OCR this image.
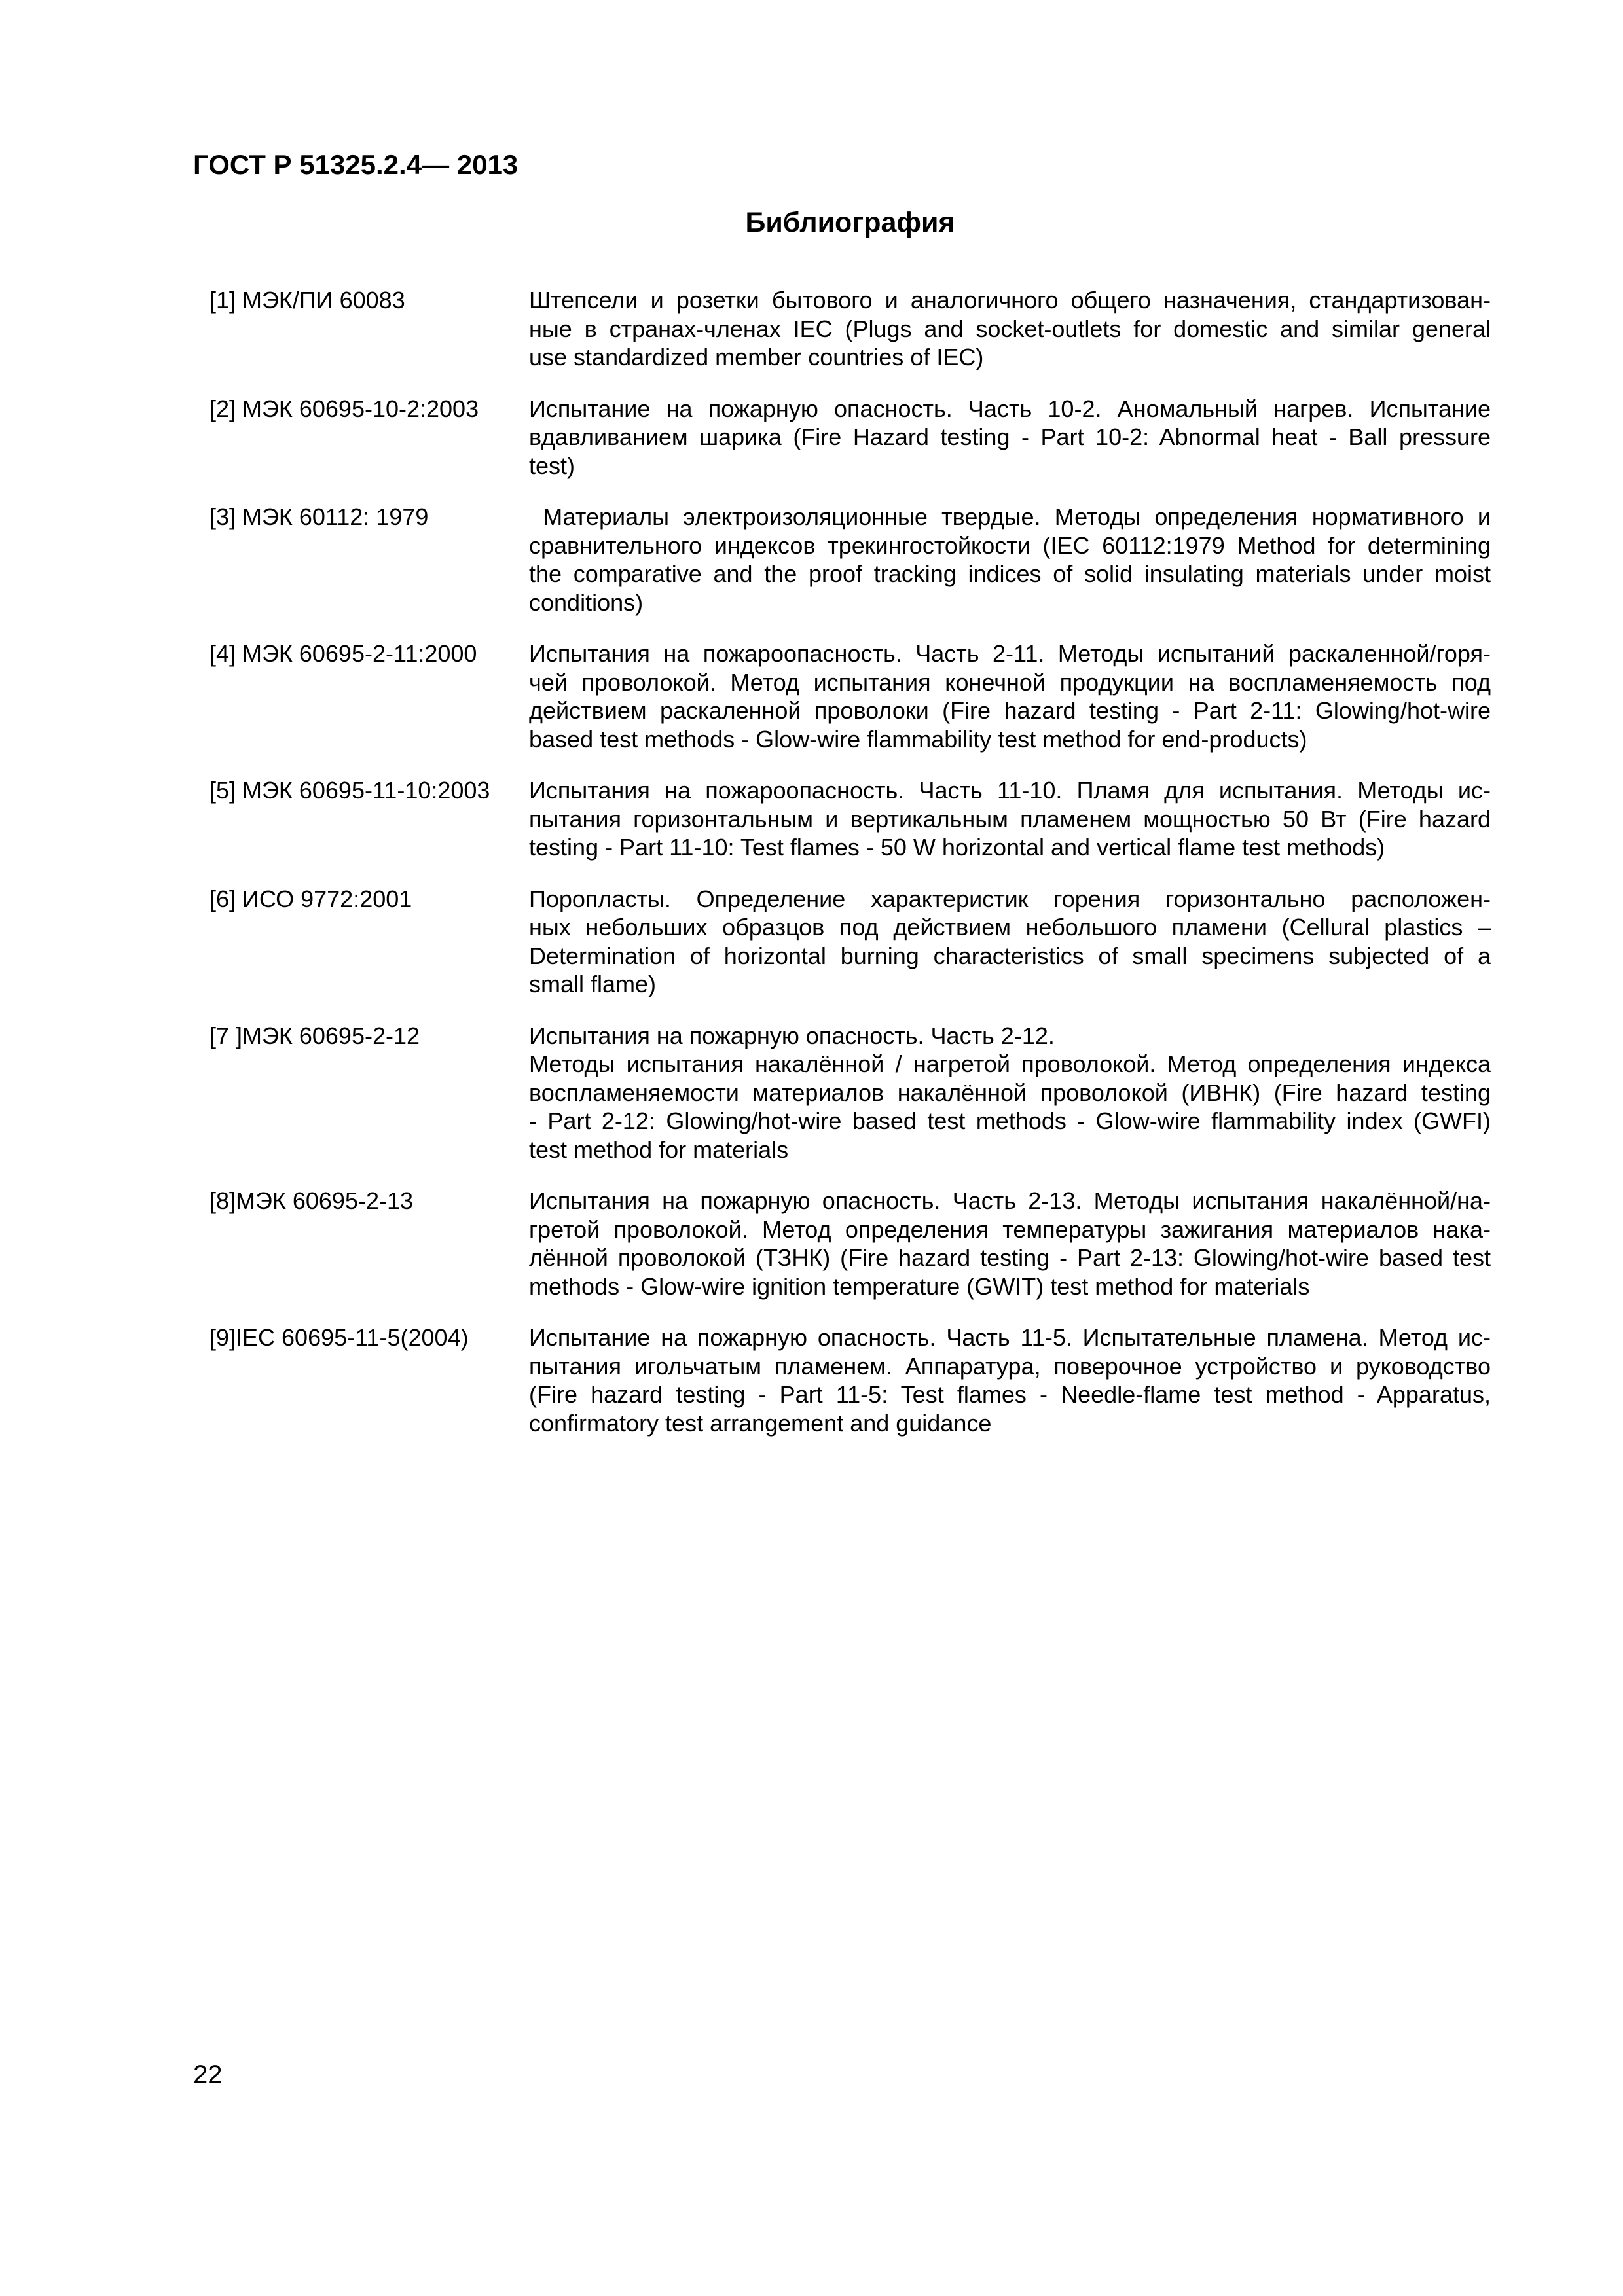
ГОСТ Р 51325.2.4— 2013
Библиография
[1] МЭК/ПИ 60083	Штепсели и розетки бытового и аналогичного общего назначения, стандартизован-
ные в странах-членах IEC (Plugs and socket-outlets for domestic and similar general
use standardized member countries of IEC)
[2] МЭК 60695-10-2:2003	Испытание на пожарную опасность. Часть 10-2. Аномальный нагрев. Испытание
вдавливанием шарика (Fire Hazard testing - Part 10-2: Abnormal heat - Ball pressure
test)
[3] МЭК 60112: 1979	Материалы электроизоляционные твердые. Методы определения нормативного и
сравнительного индексов трекингостойкости (IEC 60112:1979 Method for determining
the comparative and the proof tracking indices of solid insulating materials under moist
conditions)
[4] МЭК 60695-2-11:2000	Испытания на пожароопасность. Часть 2-11. Методы испытаний раскаленной/горя-
чей проволокой. Метод испытания конечной продукции на воспламеняемость под
действием раскаленной проволоки (Fire hazard testing - Part 2-11: Glowing/hot-wire
based test methods - Glow-wire flammability test method for end-products)
[5] МЭК 60695-11-10:2003	Испытания на пожароопасность. Часть 11-10. Пламя для испытания. Методы ис-
пытания горизонтальным и вертикальным пламенем мощностью 50 Вт (Fire hazard
testing - Part 11-10: Test flames - 50 W horizontal and vertical flame test methods)
[6] ИСО 9772:2001	Поропласты. Определение характеристик горения горизонтально расположен-
ных небольших образцов под действием небольшого пламени (Cellural plastics –
Determination of horizontal burning characteristics of small specimens subjected of a
small flame)
[7 ]МЭК 60695-2-12	Испытания на пожарную опасность. Часть 2-12.
Методы испытания накалённой / нагретой проволокой. Метод определения индекса
воспламеняемости материалов накалённой проволокой (ИВНК) (Fire hazard testing
- Part 2-12: Glowing/hot-wire based test methods - Glow-wire flammability index (GWFI)
test method for materials
[8]МЭК 60695-2-13	Испытания на пожарную опасность. Часть 2-13. Методы испытания накалённой/на-
гретой проволокой. Метод определения температуры зажигания материалов нака-
лённой проволокой (ТЗНК) (Fire hazard testing - Part 2-13: Glowing/hot-wire based test
methods - Glow-wire ignition temperature (GWIT) test method for materials
[9]IEC 60695-11-5(2004)	Испытание на пожарную опасность. Часть 11-5. Испытательные пламена. Метод ис-
пытания игольчатым пламенем. Аппаратура, поверочное устройство и руководство
(Fire hazard testing - Part 11-5: Test flames - Needle-flame test method - Apparatus,
confirmatory test arrangement and guidance
22
